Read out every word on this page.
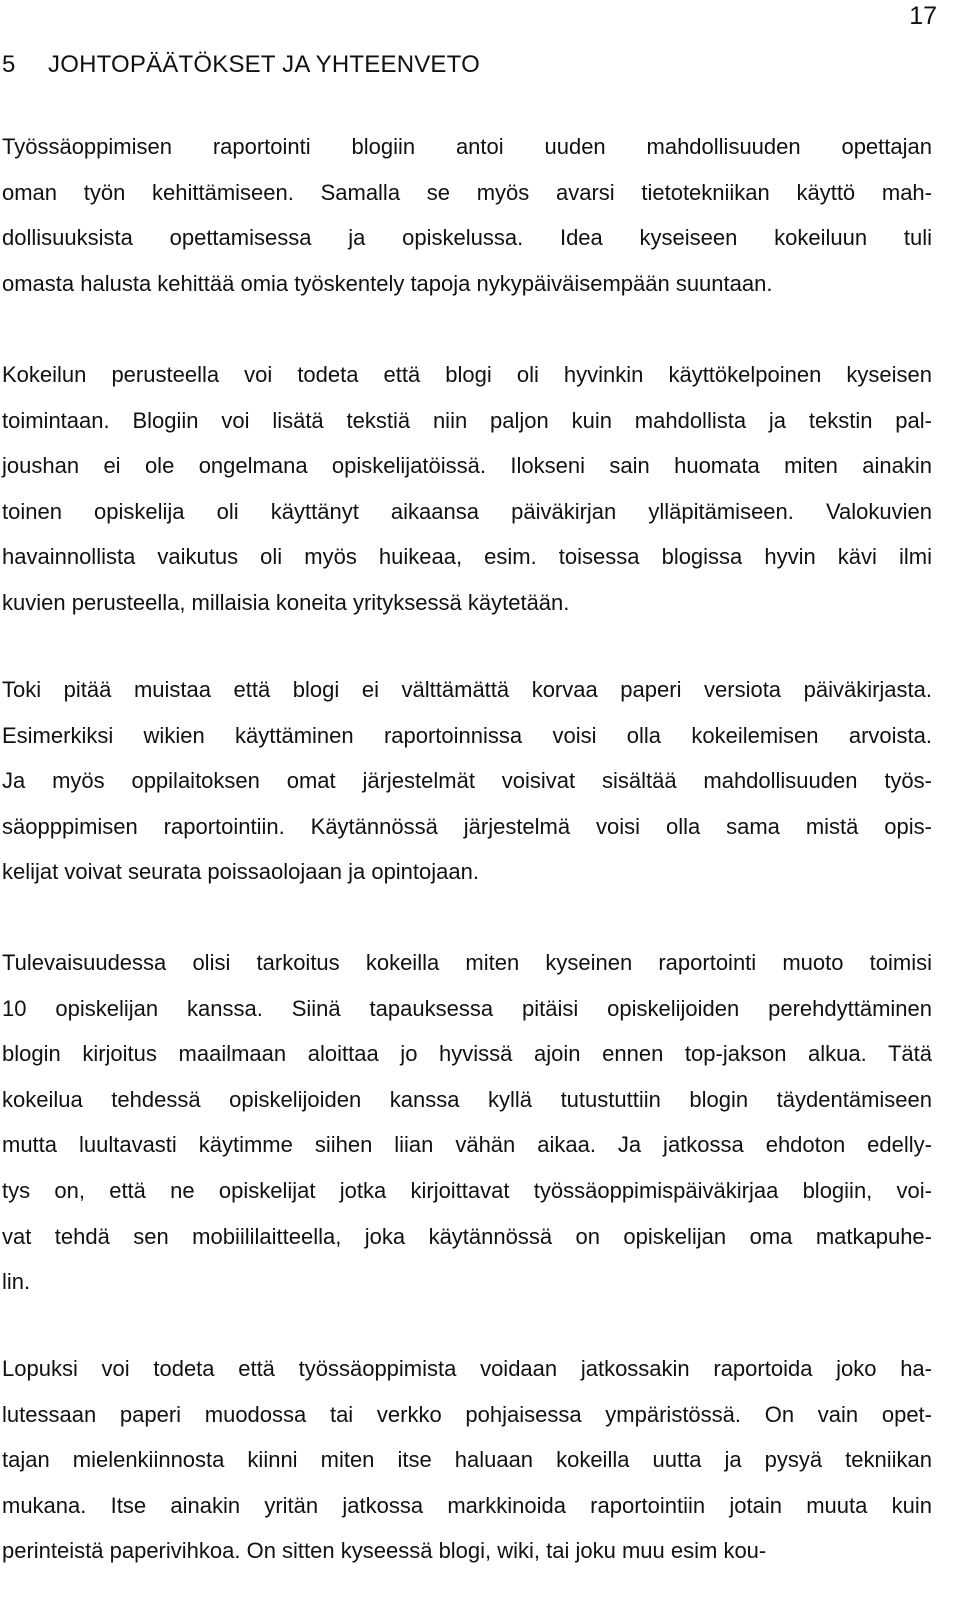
17
5 JOHTOPÄÄTÖKSET JA YHTEENVETO
Työssäoppimisen raportointi blogiin antoi uuden mahdollisuuden opettajan
oman työn kehittämiseen. Samalla se myös avarsi tietotekniikan käyttö mah-
dollisuuksista opettamisessa ja opiskelussa. Idea kyseiseen kokeiluun tuli
omasta halusta kehittää omia työskentely tapoja nykypäiväisempään suuntaan.
Kokeilun perusteella voi todeta että blogi oli hyvinkin käyttökelpoinen kyseisen
toimintaan. Blogiin voi lisätä tekstiä niin paljon kuin mahdollista ja tekstin pal-
joushan ei ole ongelmana opiskelijatöissä. Ilokseni sain huomata miten ainakin
toinen opiskelija oli käyttänyt aikaansa päiväkirjan ylläpitämiseen. Valokuvien
havainnollista vaikutus oli myös huikeaa, esim. toisessa blogissa hyvin kävi ilmi
kuvien perusteella, millaisia koneita yrityksessä käytetään.
Toki pitää muistaa että blogi ei välttämättä korvaa paperi versiota päiväkirjasta.
Esimerkiksi wikien käyttäminen raportoinnissa voisi olla kokeilemisen arvoista.
Ja myös oppilaitoksen omat järjestelmät voisivat sisältää mahdollisuuden työs-
säopppimisen raportointiin. Käytännössä järjestelmä voisi olla sama mistä opis-
kelijat voivat seurata poissaolojaan ja opintojaan.
Tulevaisuudessa olisi tarkoitus kokeilla miten kyseinen raportointi muoto toimisi
10 opiskelijan kanssa. Siinä tapauksessa pitäisi opiskelijoiden perehdyttäminen
blogin kirjoitus maailmaan aloittaa jo hyvissä ajoin ennen top-jakson alkua. Tätä
kokeilua tehdessä opiskelijoiden kanssa kyllä tutustuttiin blogin täydentämiseen
mutta luultavasti käytimme siihen liian vähän aikaa. Ja jatkossa ehdoton edelly-
tys on, että ne opiskelijat jotka kirjoittavat työssäoppimispäiväkirjaa blogiin, voi-
vat tehdä sen mobiililaitteella, joka käytännössä on opiskelijan oma matkapuhe-
lin.
Lopuksi voi todeta että työssäoppimista voidaan jatkossakin raportoida joko ha-
lutessaan paperi muodossa tai verkko pohjaisessa ympäristössä. On vain opet-
tajan mielenkiinnosta kiinni miten itse haluaan kokeilla uutta ja pysyä tekniikan
mukana. Itse ainakin yritän jatkossa markkinoida raportointiin jotain muuta kuin
perinteistä paperivihkoa. On sitten kyseessä blogi, wiki, tai joku muu esim kou-
